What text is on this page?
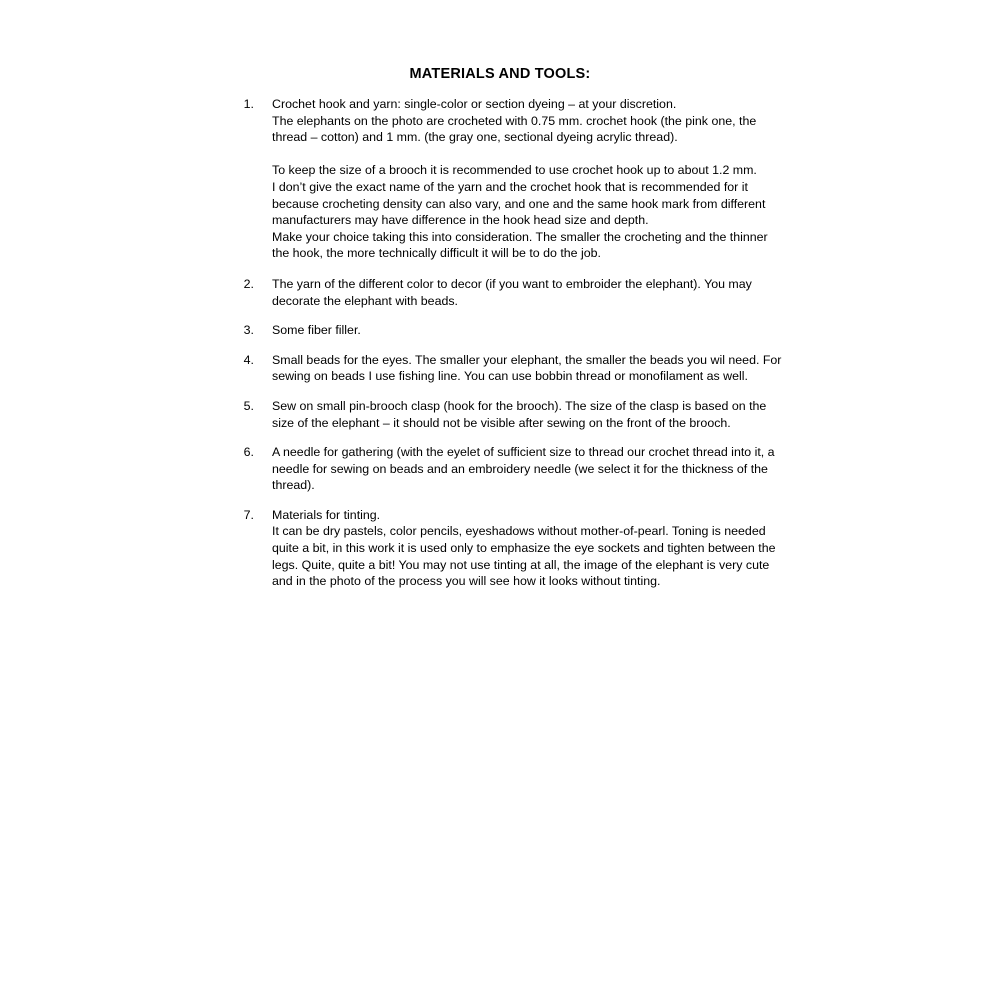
MATERIALS AND TOOLS:
1. Crochet hook and yarn: single-color or section dyeing – at your discretion.

The elephants on the photo are crocheted with 0.75 mm. crochet hook (the pink one, the thread – cotton) and 1 mm. (the gray one, sectional dyeing acrylic thread).

To keep the size of a brooch it is recommended to use crochet hook up to about 1.2 mm.

I don’t give the exact name of the yarn and the crochet hook that is recommended for it because crocheting density can also vary, and one and the same hook mark from different manufacturers may have difference in the hook head size and depth.

Make your choice taking this into consideration. The smaller the crocheting and the thinner the hook, the more technically difficult it will be to do the job.

2. The yarn of the different color to decor (if you want to embroider the elephant). You may decorate the elephant with beads.

3. Some fiber filler.

4. Small beads for the eyes. The smaller your elephant, the smaller the beads you wil need. For sewing on beads I use fishing line. You can use bobbin thread or monofilament as well.

5. Sew on small pin-brooch clasp (hook for the brooch). The size of the clasp is based on the size of the elephant – it should not be visible after sewing on the front of the brooch.

6. A needle for gathering (with the eyelet of sufficient size to thread our crochet thread into it, a needle for sewing on beads and an embroidery needle (we select it for the thickness of the thread).

7. Materials for tinting.

It can be dry pastels, color pencils, eyeshadows without mother-of-pearl. Toning is needed quite a bit, in this work it is used only to emphasize the eye sockets and tighten between the legs. Quite, quite a bit! You may not use tinting at all, the image of the elephant is very cute and in the photo of the process you will see how it looks without tinting.
